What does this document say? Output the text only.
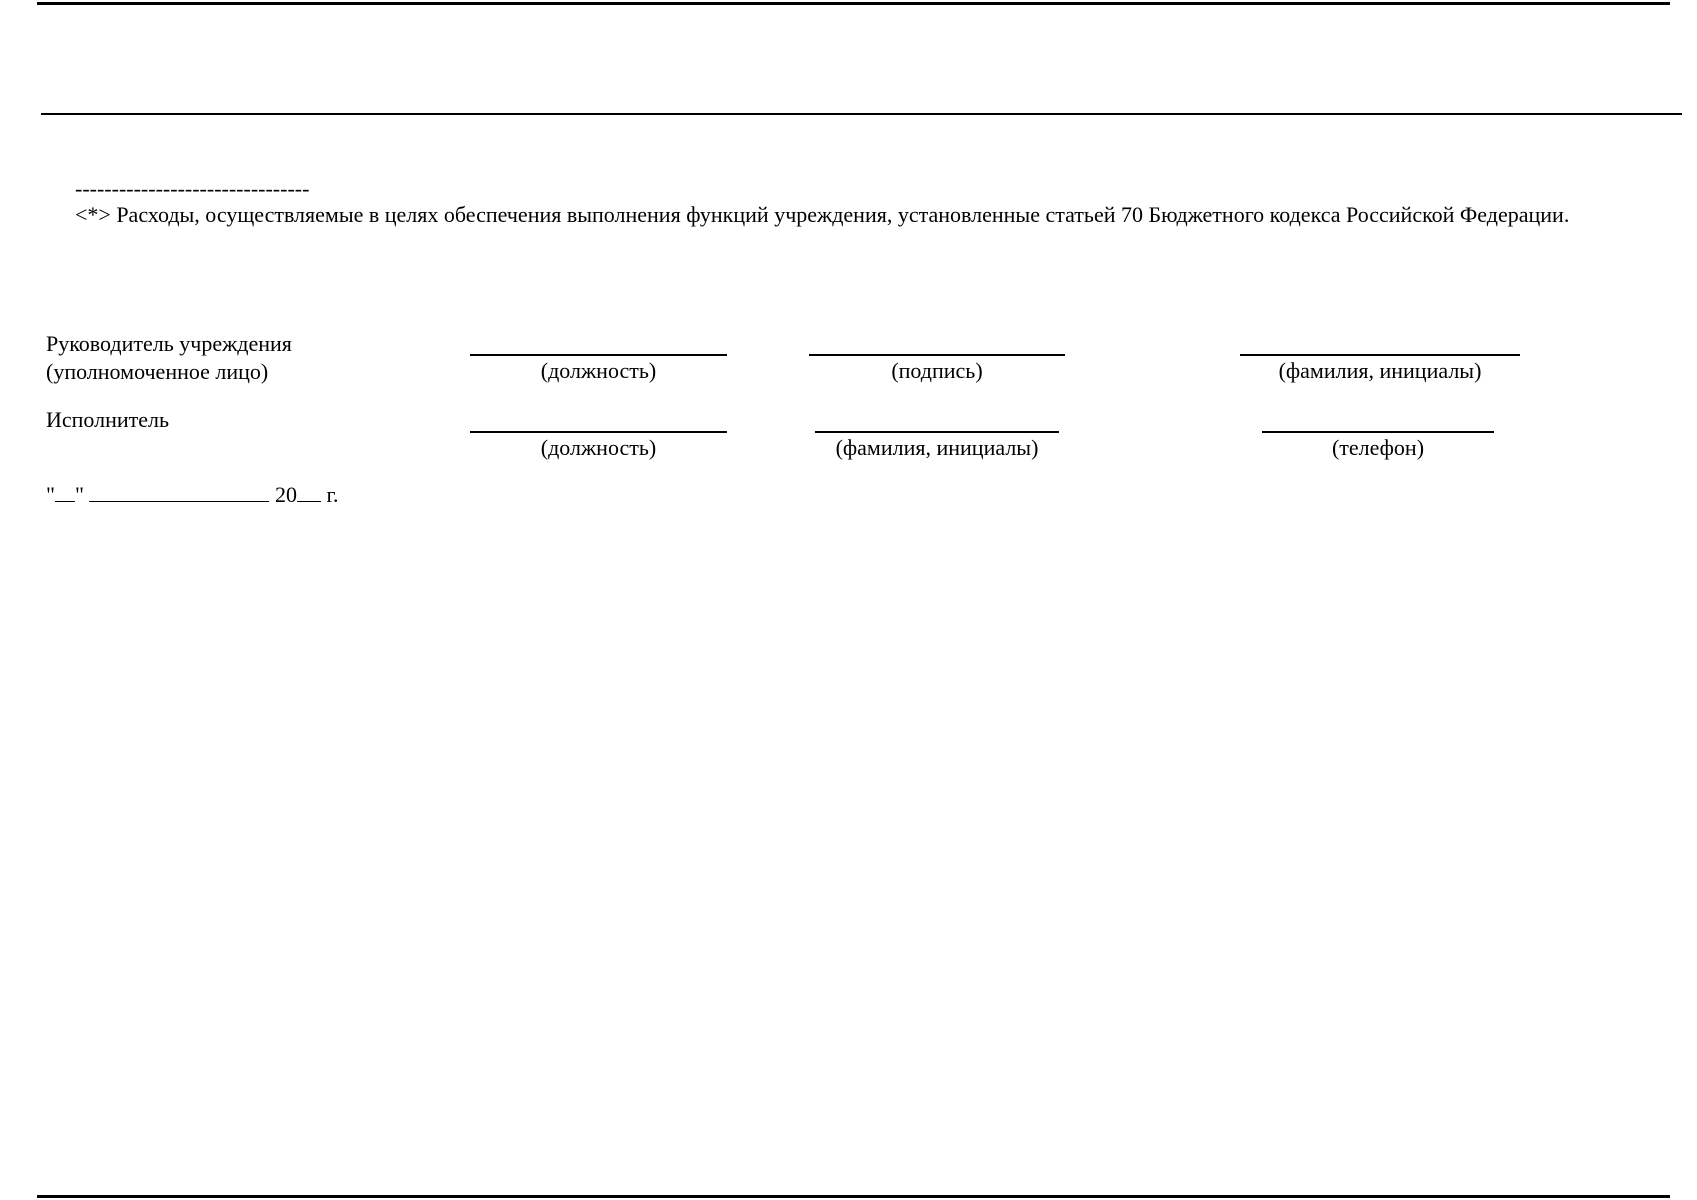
--------------------------------
<*> Расходы, осуществляемые в целях обеспечения выполнения функций учреждения, установленные статьей 70 Бюджетного кодекса Российской Федерации.
Руководитель учреждения
(уполномоченное лицо)	(должность)	(подпись)	(фамилия, инициалы)
Исполнитель
(должность)	(фамилия, инициалы)	(телефон)
" "	20 г.
